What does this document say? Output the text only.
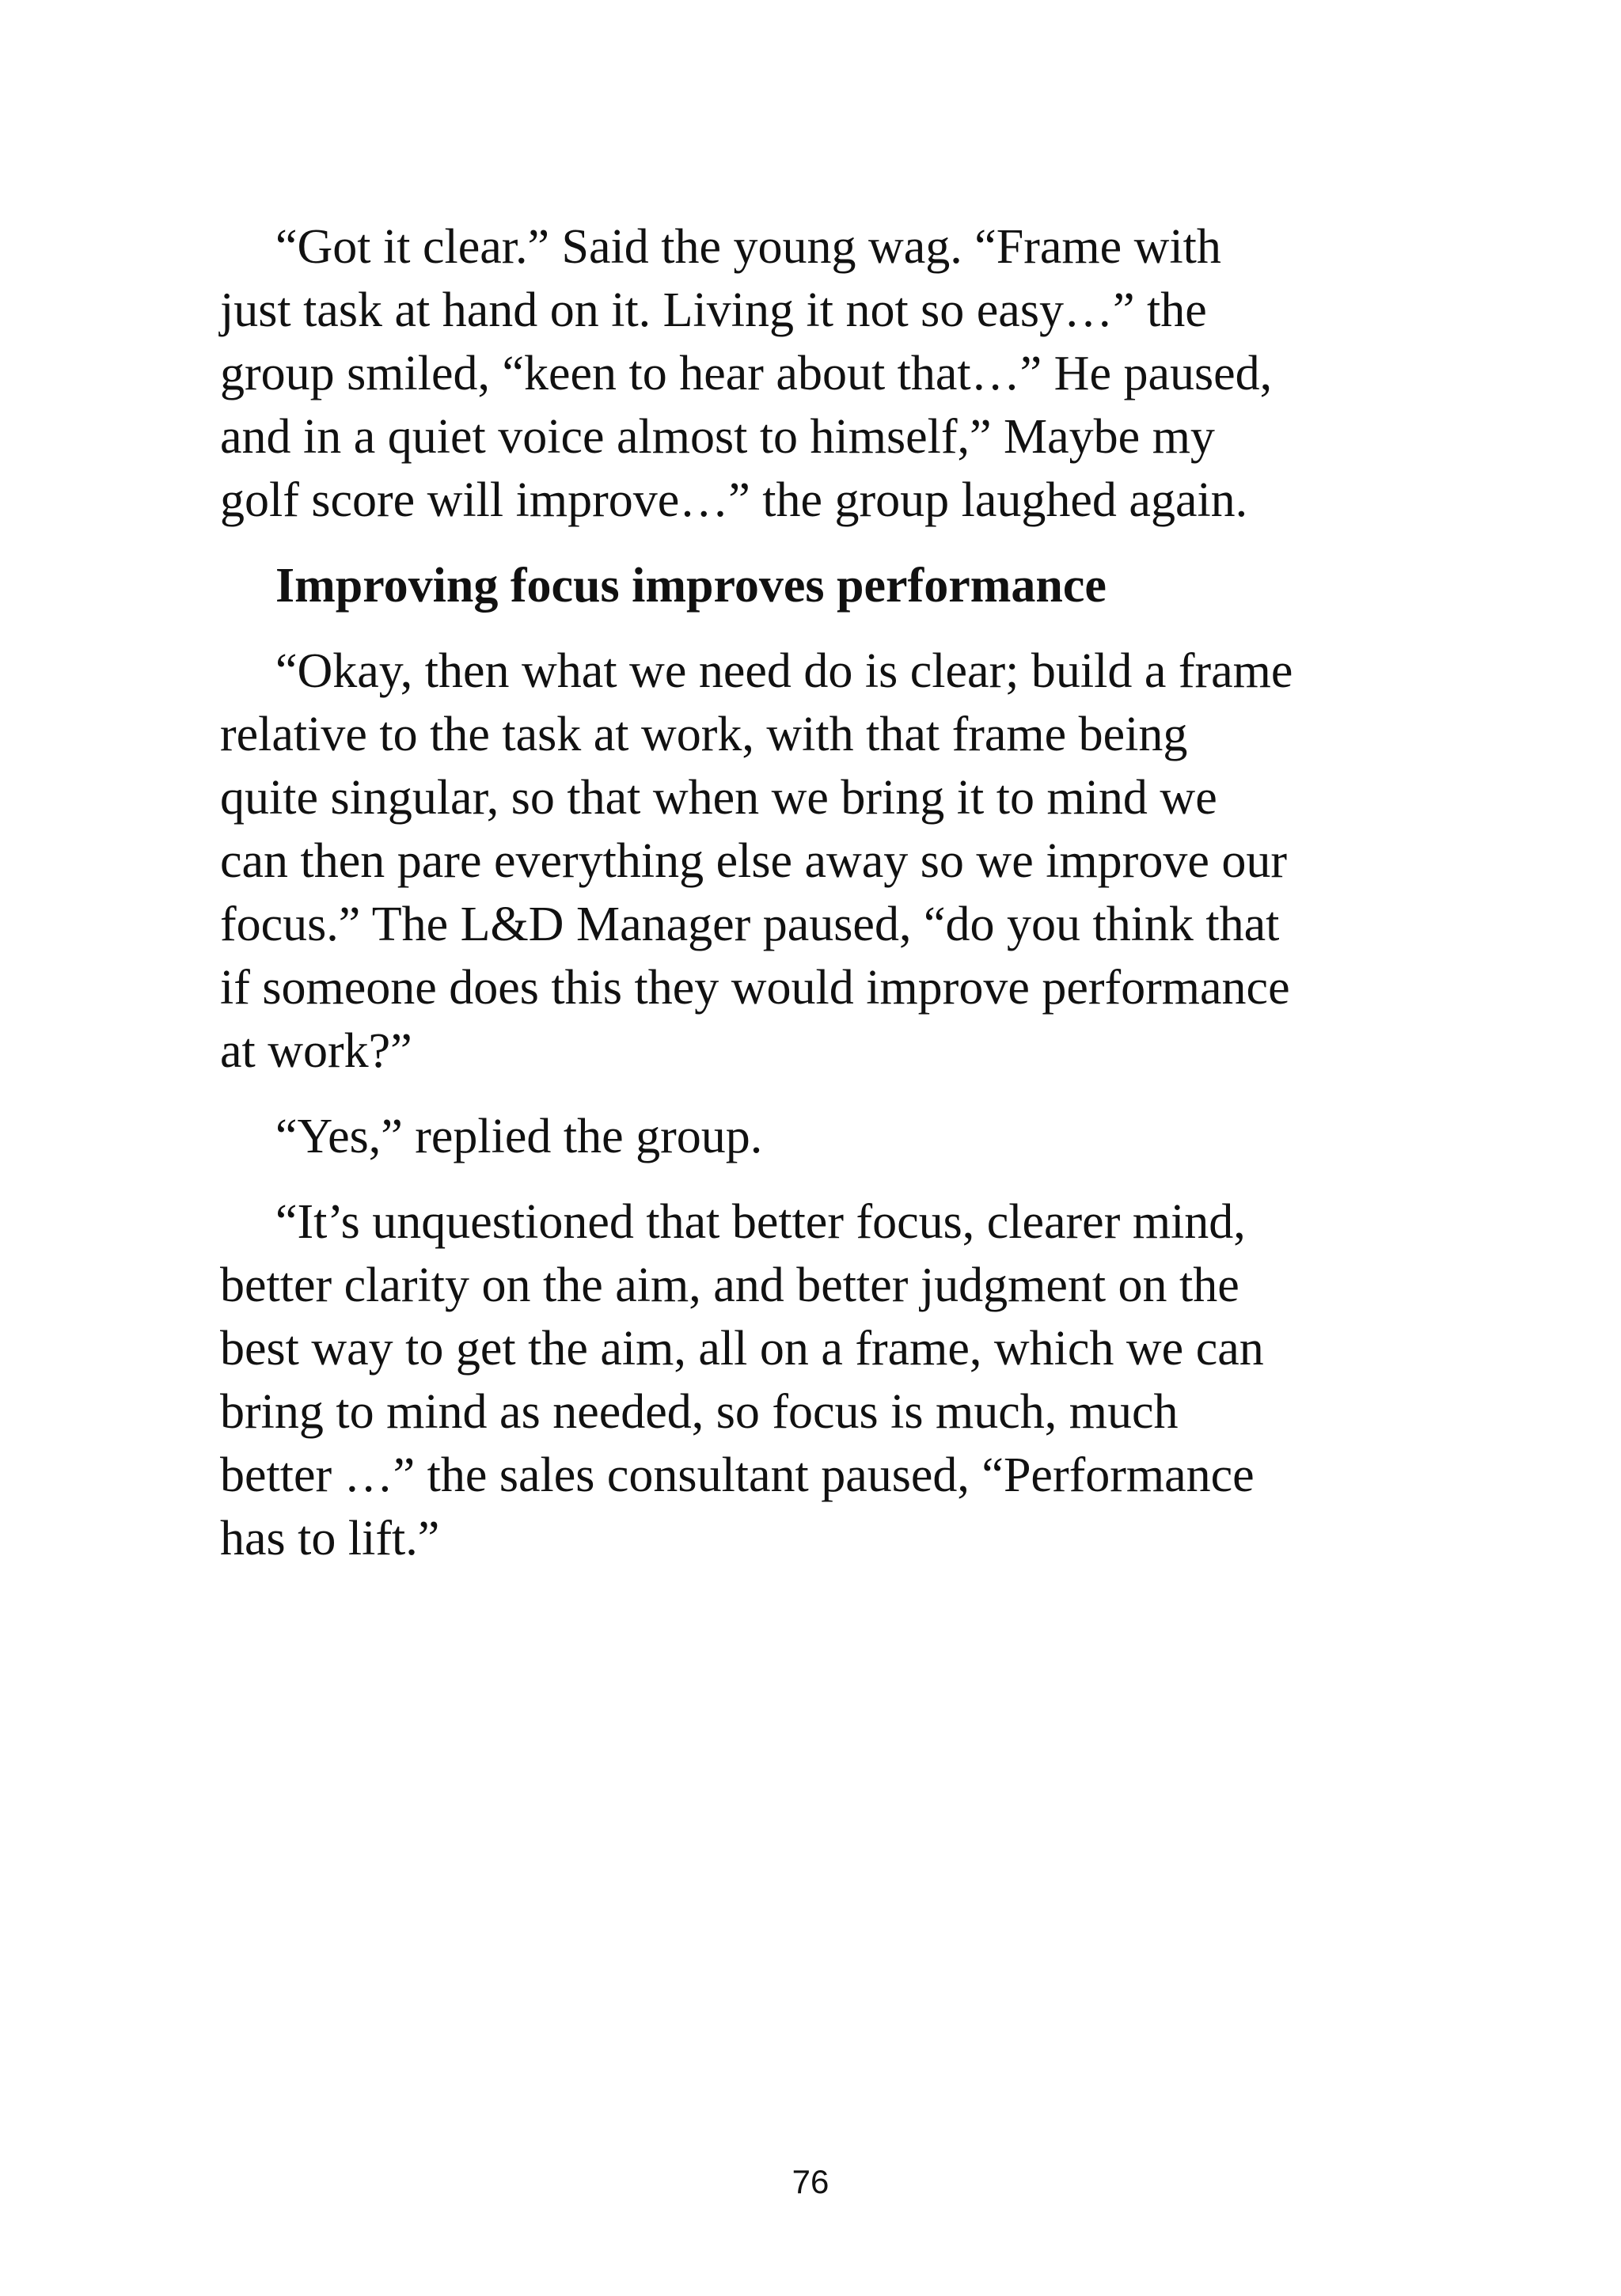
“Got it clear.” Said the young wag. “Frame with
just task at hand on it. Living it not so easy…” the
group smiled, “keen to hear about that…” He paused,
and in a quiet voice almost to himself,” Maybe my
golf score will improve…” the group laughed again.
Improving focus improves performance
“Okay, then what we need do is clear; build a frame
relative to the task at work, with that frame being
quite singular, so that when we bring it to mind we
can then pare everything else away so we improve our
focus.” The L&D Manager paused, “do you think that
if someone does this they would improve performance
at work?”
“Yes,” replied the group.
“It’s unquestioned that better focus, clearer mind,
better clarity on the aim, and better judgment on the
best way to get the aim, all on a frame, which we can
bring to mind as needed, so focus is much, much
better …” the sales consultant paused, “Performance
has to lift.”
76
